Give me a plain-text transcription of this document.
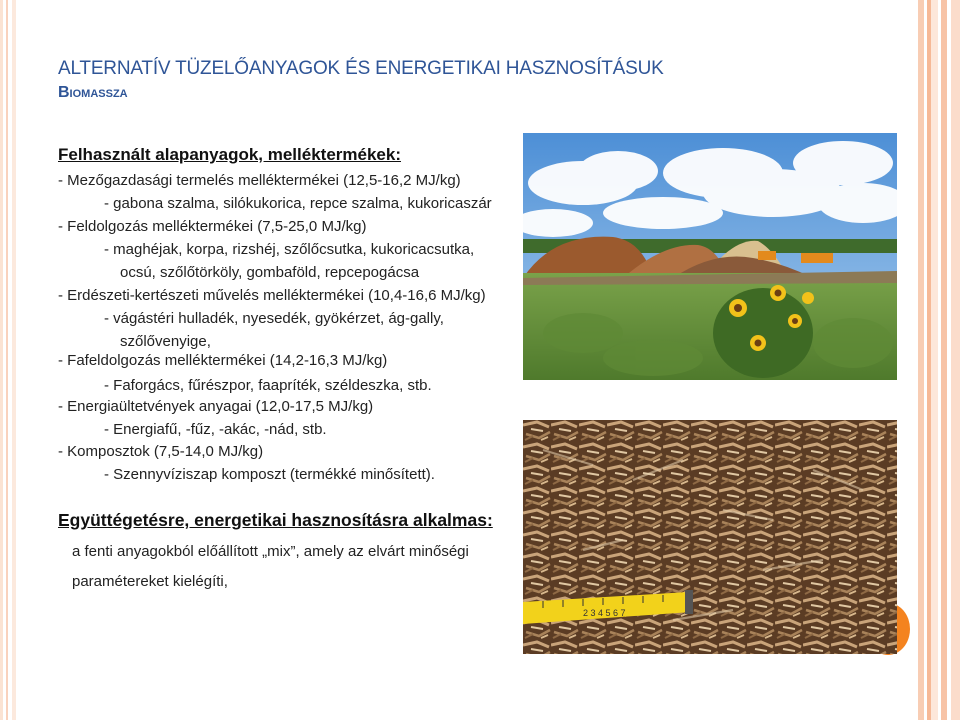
ALTERNATÍV TÜZELŐANYAGOK ÉS ENERGETIKAI HASZNOSÍTÁSUK
Biomassza
Felhasznált alapanyagok, melléktermékek:
- Mezőgazdasági termelés melléktermékei (12,5-16,2 MJ/kg)
- gabona szalma, silókukorica, repce szalma, kukoricaszár
- Feldolgozás melléktermékei (7,5-25,0 MJ/kg)
- maghéjak, korpa, rizshéj, szőlőcsutka, kukoricacsutka,
ocsú, szőlőtörköly, gombaföld, repcepogácsa
- Erdészeti-kertészeti művelés melléktermékei (10,4-16,6 MJ/kg)
- vágástéri hulladék, nyesedék, gyökérzet, ág-gally,
szőlővenyige,
- Fafeldolgozás melléktermékei (14,2-16,3 MJ/kg)
- Faforgács, fűrészpor, faapríték, széldeszka, stb.
- Energiaültetvények anyagai (12,0-17,5 MJ/kg)
- Energiafű, -fűz, -akác, -nád, stb.
- Komposztok (7,5-14,0 MJ/kg)
- Szennyvíziszap komposzt (termékké minősített).
Együttégetésre, energetikai hasznosításra alkalmas:
a fenti anyagokból előállított „mix”, amely az elvárt minőségi
paramétereket kielégíti,
2 3 4 5 6 7
